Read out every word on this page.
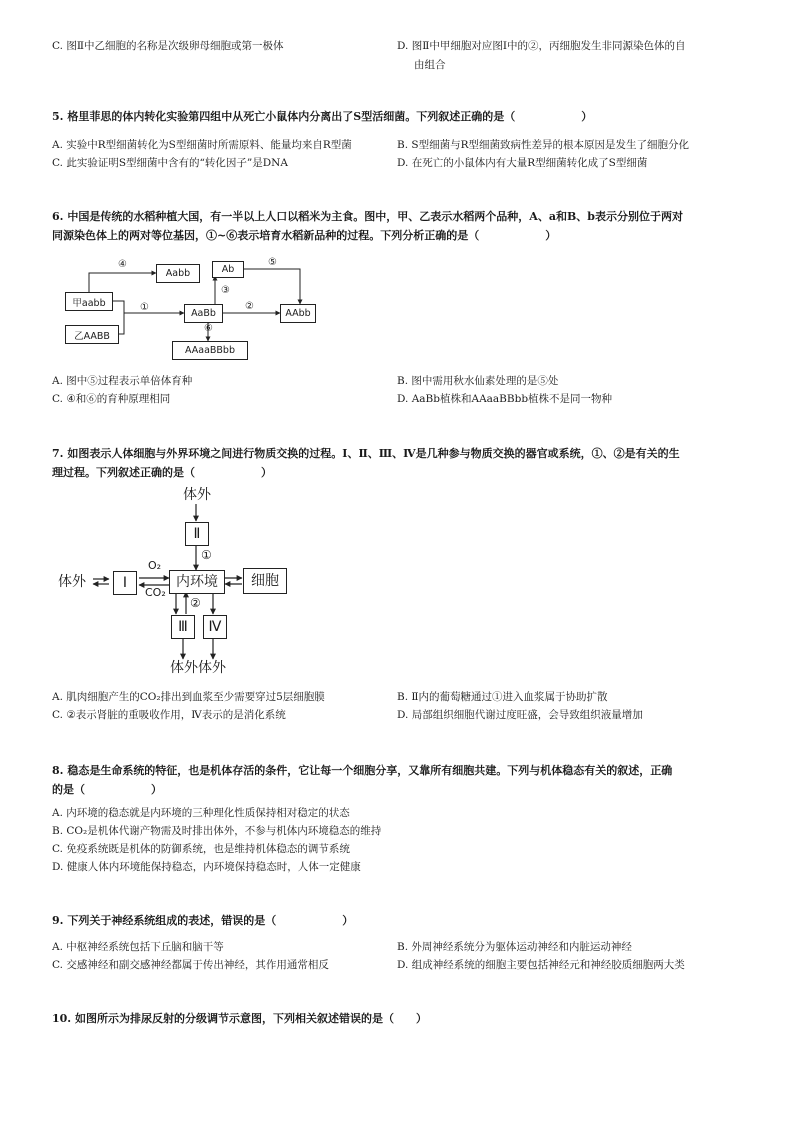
C. 图Ⅱ中乙细胞的名称是次级卵母细胞或第一极体	D. 图Ⅱ中甲细胞对应图Ⅰ中的②，丙细胞发生非同源染色体的自
由组合
5. 格里菲思的体内转化实验第四组中从死亡小鼠体内分离出了S型活细菌。下列叙述正确的是（　　　　　　）
A. 实验中R型细菌转化为S型细菌时所需原料、能量均来自R型菌	B. S型细菌与R型细菌致病性差异的根本原因是发生了细胞分化
C. 此实验证明S型细菌中含有的“转化因子”是DNA	D. 在死亡的小鼠体内有大量R型细菌转化成了S型细菌
6. 中国是传统的水稻种植大国，有一半以上人口以稻米为主食。图中，甲、乙表示水稻两个品种，A、a和B、b表示分别位于两对
同源染色体上的两对等位基因，①~⑥表示培育水稻新品种的过程。下列分析正确的是（　　　　　　）
甲aabb
乙AABB
Aabb	Ab
AaBb	AAbb
AAaaBBbb
④
①
③
②
⑤
⑥
A. 图中⑤过程表示单倍体育种	B. 图中需用秋水仙素处理的是⑤处
C. ④和⑥的育种原理相同	D. AaBb植株和AAaaBBbb植株不是同一物种
7. 如图表示人体细胞与外界环境之间进行物质交换的过程。Ⅰ、Ⅱ、Ⅲ、Ⅳ是几种参与物质交换的器官或系统，①、②是有关的生
理过程。下列叙述正确的是（　　　　　　）
体外
Ⅱ
①
体外	Ⅰ
O₂
CO₂
内环境	细胞
②
Ⅲ	Ⅳ
体外体外
A. 肌肉细胞产生的CO₂排出到血浆至少需要穿过5层细胞膜	B. Ⅱ内的葡萄糖通过①进入血浆属于协助扩散
C. ②表示肾脏的重吸收作用，Ⅳ表示的是消化系统	D. 局部组织细胞代谢过度旺盛，会导致组织液量增加
8. 稳态是生命系统的特征，也是机体存活的条件，它让每一个细胞分享，又靠所有细胞共建。下列与机体稳态有关的叙述，正确
的是（　　　　　　）
A. 内环境的稳态就是内环境的三种理化性质保持相对稳定的状态
B. CO₂是机体代谢产物需及时排出体外，不参与机体内环境稳态的维持
C. 免疫系统既是机体的防御系统，也是维持机体稳态的调节系统
D. 健康人体内环境能保持稳态，内环境保持稳态时，人体一定健康
9. 下列关于神经系统组成的表述，错误的是（　　　　　　）
A. 中枢神经系统包括下丘脑和脑干等	B. 外周神经系统分为躯体运动神经和内脏运动神经
C. 交感神经和副交感神经都属于传出神经，其作用通常相反	D. 组成神经系统的细胞主要包括神经元和神经胶质细胞两大类
10. 如图所示为排尿反射的分级调节示意图，下列相关叙述错误的是（　　）
